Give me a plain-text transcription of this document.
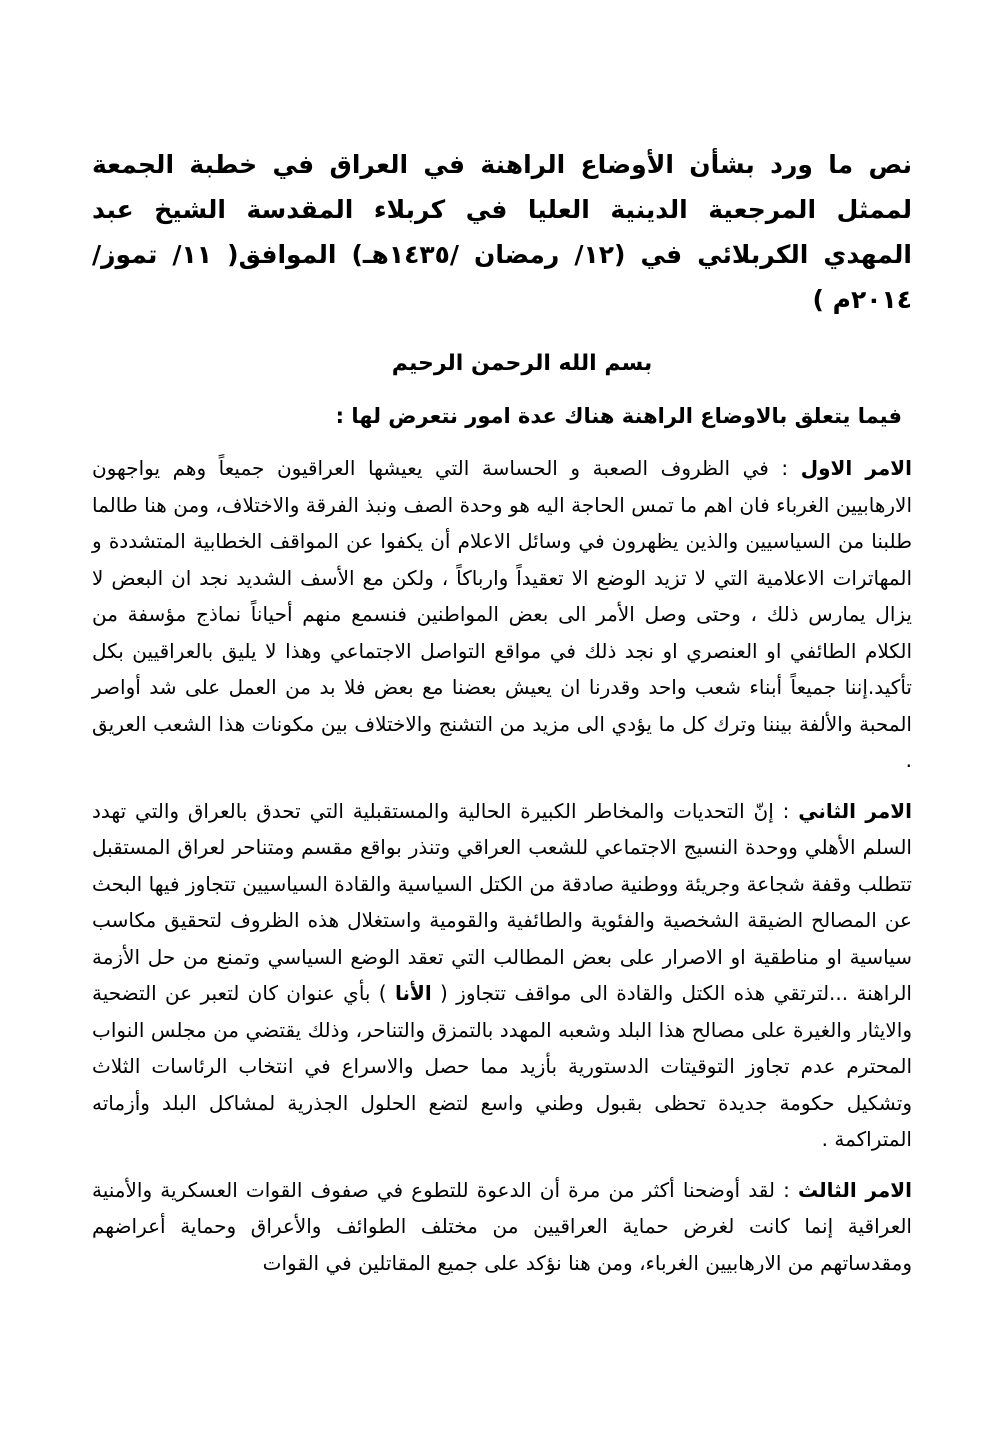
نص ما ورد بشأن الأوضاع الراهنة في العراق في خطبة الجمعة لممثل المرجعية الدينية العليا في كربلاء المقدسة الشيخ عبد المهدي الكربلائي في (١٢/ رمضان /١٤٣٥هـ) الموافق( ١١/ تموز/٢٠١٤م )
بسم الله الرحمن الرحيم
فيما يتعلق بالاوضاع الراهنة هناك عدة امور نتعرض لها :

الامر الاول : في الظروف الصعبة و الحساسة التي يعيشها العراقيون جميعاً وهم يواجهون الارهابيين الغرباء فان اهم ما تمس الحاجة اليه هو وحدة الصف ونبذ الفرقة والاختلاف، ومن هنا طالما طلبنا من السياسيين والذين يظهرون في وسائل الاعلام أن يكفوا عن المواقف الخطابية المتشددة و المهاترات الاعلامية التي لا تزيد الوضع الا تعقيداً وارباكاً ، ولكن مع الأسف الشديد نجد ان البعض لا يزال يمارس ذلك ، وحتى وصل الأمر الى بعض المواطنين فنسمع منهم أحياناً نماذج مؤسفة من الكلام الطائفي او العنصري او نجد ذلك في مواقع التواصل الاجتماعي وهذا لا يليق بالعراقيين بكل تأكيد.إننا جميعاً أبناء شعب واحد وقدرنا ان يعيش بعضنا مع بعض فلا بد من العمل على شد أواصر المحبة والألفة بيننا وترك كل ما يؤدي الى مزيد من التشنج والاختلاف بين مكونات هذا الشعب العريق .

الامر الثاني : إنّ التحديات والمخاطر الكبيرة الحالية والمستقبلية التي تحدق بالعراق والتي تهدد السلم الأهلي ووحدة النسيج الاجتماعي للشعب العراقي وتنذر بواقع مقسم ومتناحر لعراق المستقبل تتطلب وقفة شجاعة وجريئة ووطنية صادقة من الكتل السياسية والقادة السياسيين تتجاوز فيها البحث عن المصالح الضيقة الشخصية والفئوية والطائفية والقومية واستغلال هذه الظروف لتحقيق مكاسب سياسية او مناطقية او الاصرار على بعض المطالب التي تعقد الوضع السياسي وتمنع من حل الأزمة الراهنة ...لترتقي هذه الكتل والقادة الى مواقف تتجاوز ( الأنا ) بأي عنوان كان لتعبر عن التضحية والايثار والغيرة على مصالح هذا البلد وشعبه المهدد بالتمزق والتناحر، وذلك يقتضي من مجلس النواب المحترم عدم تجاوز التوقيتات الدستورية بأزيد مما حصل والاسراع في انتخاب الرئاسات الثلاث وتشكيل حكومة جديدة تحظى بقبول وطني واسع لتضع الحلول الجذرية لمشاكل البلد وأزماته المتراكمة .

الامر الثالث : لقد أوضحنا أكثر من مرة أن الدعوة للتطوع في صفوف القوات العسكرية والأمنية العراقية إنما كانت لغرض حماية العراقيين من مختلف الطوائف والأعراق وحماية أعراضهم ومقدساتهم من الارهابيين الغرباء، ومن هنا نؤكد على جميع المقاتلين في القوات
